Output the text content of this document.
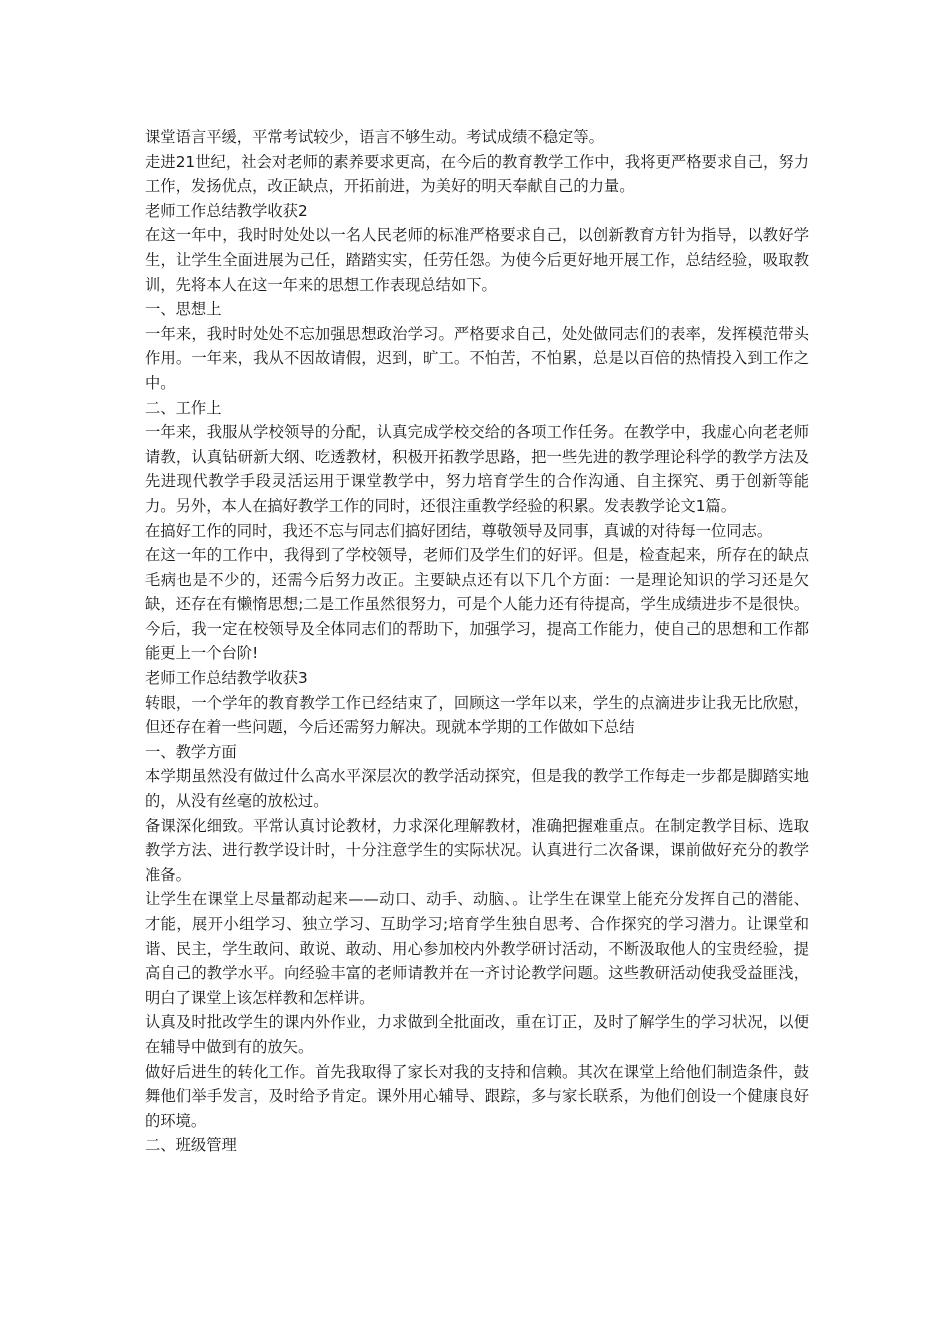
课堂语言平缓，平常考试较少，语言不够生动。考试成绩不稳定等。

走进21世纪，社会对老师的素养要求更高，在今后的教育教学工作中，我将更严格要求自己，努力工作，发扬优点，改正缺点，开拓前进，为美好的明天奉献自己的力量。

老师工作总结教学收获2

在这一年中，我时时处处以一名人民老师的标准严格要求自己，以创新教育方针为指导，以教好学生，让学生全面进展为己任，踏踏实实，任劳任怨。为使今后更好地开展工作，总结经验，吸取教训，先将本人在这一年来的思想工作表现总结如下。

一、思想上

一年来，我时时处处不忘加强思想政治学习。严格要求自己，处处做同志们的表率，发挥模范带头作用。一年来，我从不因故请假，迟到，旷工。不怕苦，不怕累，总是以百倍的热情投入到工作之中。

二、工作上

一年来，我服从学校领导的分配，认真完成学校交给的各项工作任务。在教学中，我虚心向老老师请教，认真钻研新大纲、吃透教材，积极开拓教学思路，把一些先进的教学理论科学的教学方法及先进现代教学手段灵活运用于课堂教学中，努力培育学生的合作沟通、自主探究、勇于创新等能力。另外，本人在搞好教学工作的同时，还很注重教学经验的积累。发表教学论文1篇。

在搞好工作的同时，我还不忘与同志们搞好团结，尊敬领导及同事，真诚的对待每一位同志。

在这一年的工作中，我得到了学校领导，老师们及学生们的好评。但是，检查起来，所存在的缺点毛病也是不少的，还需今后努力改正。主要缺点还有以下几个方面：一是理论知识的学习还是欠缺，还存在有懒惰思想;二是工作虽然很努力，可是个人能力还有待提高，学生成绩进步不是很快。今后，我一定在校领导及全体同志们的帮助下，加强学习，提高工作能力，使自己的思想和工作都能更上一个台阶!

老师工作总结教学收获3

转眼，一个学年的教育教学工作已经结束了，回顾这一学年以来，学生的点滴进步让我无比欣慰，但还存在着一些问题，今后还需努力解决。现就本学期的工作做如下总结

一、教学方面

本学期虽然没有做过什么高水平深层次的教学活动探究，但是我的教学工作每走一步都是脚踏实地的，从没有丝毫的放松过。

备课深化细致。平常认真讨论教材，力求深化理解教材，准确把握难重点。在制定教学目标、选取教学方法、进行教学设计时，十分注意学生的实际状况。认真进行二次备课，课前做好充分的教学准备。

让学生在课堂上尽量都动起来——动口、动手、动脑、。让学生在课堂上能充分发挥自己的潜能、才能，展开小组学习、独立学习、互助学习;培育学生独自思考、合作探究的学习潜力。让课堂和谐、民主，学生敢问、敢说、敢动、用心参加校内外教学研讨活动，不断汲取他人的宝贵经验，提高自己的教学水平。向经验丰富的老师请教并在一齐讨论教学问题。这些教研活动使我受益匪浅，明白了课堂上该怎样教和怎样讲。

认真及时批改学生的课内外作业，力求做到全批面改，重在订正，及时了解学生的学习状况，以便在辅导中做到有的放矢。

做好后进生的转化工作。首先我取得了家长对我的支持和信赖。其次在课堂上给他们制造条件，鼓舞他们举手发言，及时给予肯定。课外用心辅导、跟踪，多与家长联系，为他们创设一个健康良好的环境。

二、班级管理
